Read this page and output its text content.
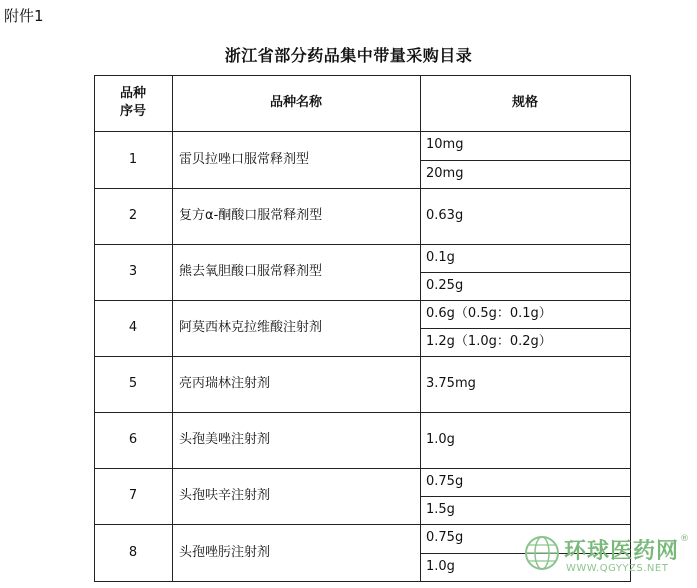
附件1
浙江省部分药品集中带量采购目录
品种
序号
品种名称	规格
1	雷贝拉唑口服常释剂型
10mg
20mg
2	复方α-酮酸口服常释剂型	0.63g
3	熊去氧胆酸口服常释剂型
0.1g
0.25g
4	阿莫西林克拉维酸注射剂
0.6g（0.5g：0.1g）
1.2g（1.0g：0.2g）
5	亮丙瑞林注射剂	3.75mg
6	头孢美唑注射剂	1.0g
7	头孢呋辛注射剂
0.75g
1.5g
8	头孢唑肟注射剂
0.75g
1.0g
环球医药网 ®
WWW.QGYYZS.NET
